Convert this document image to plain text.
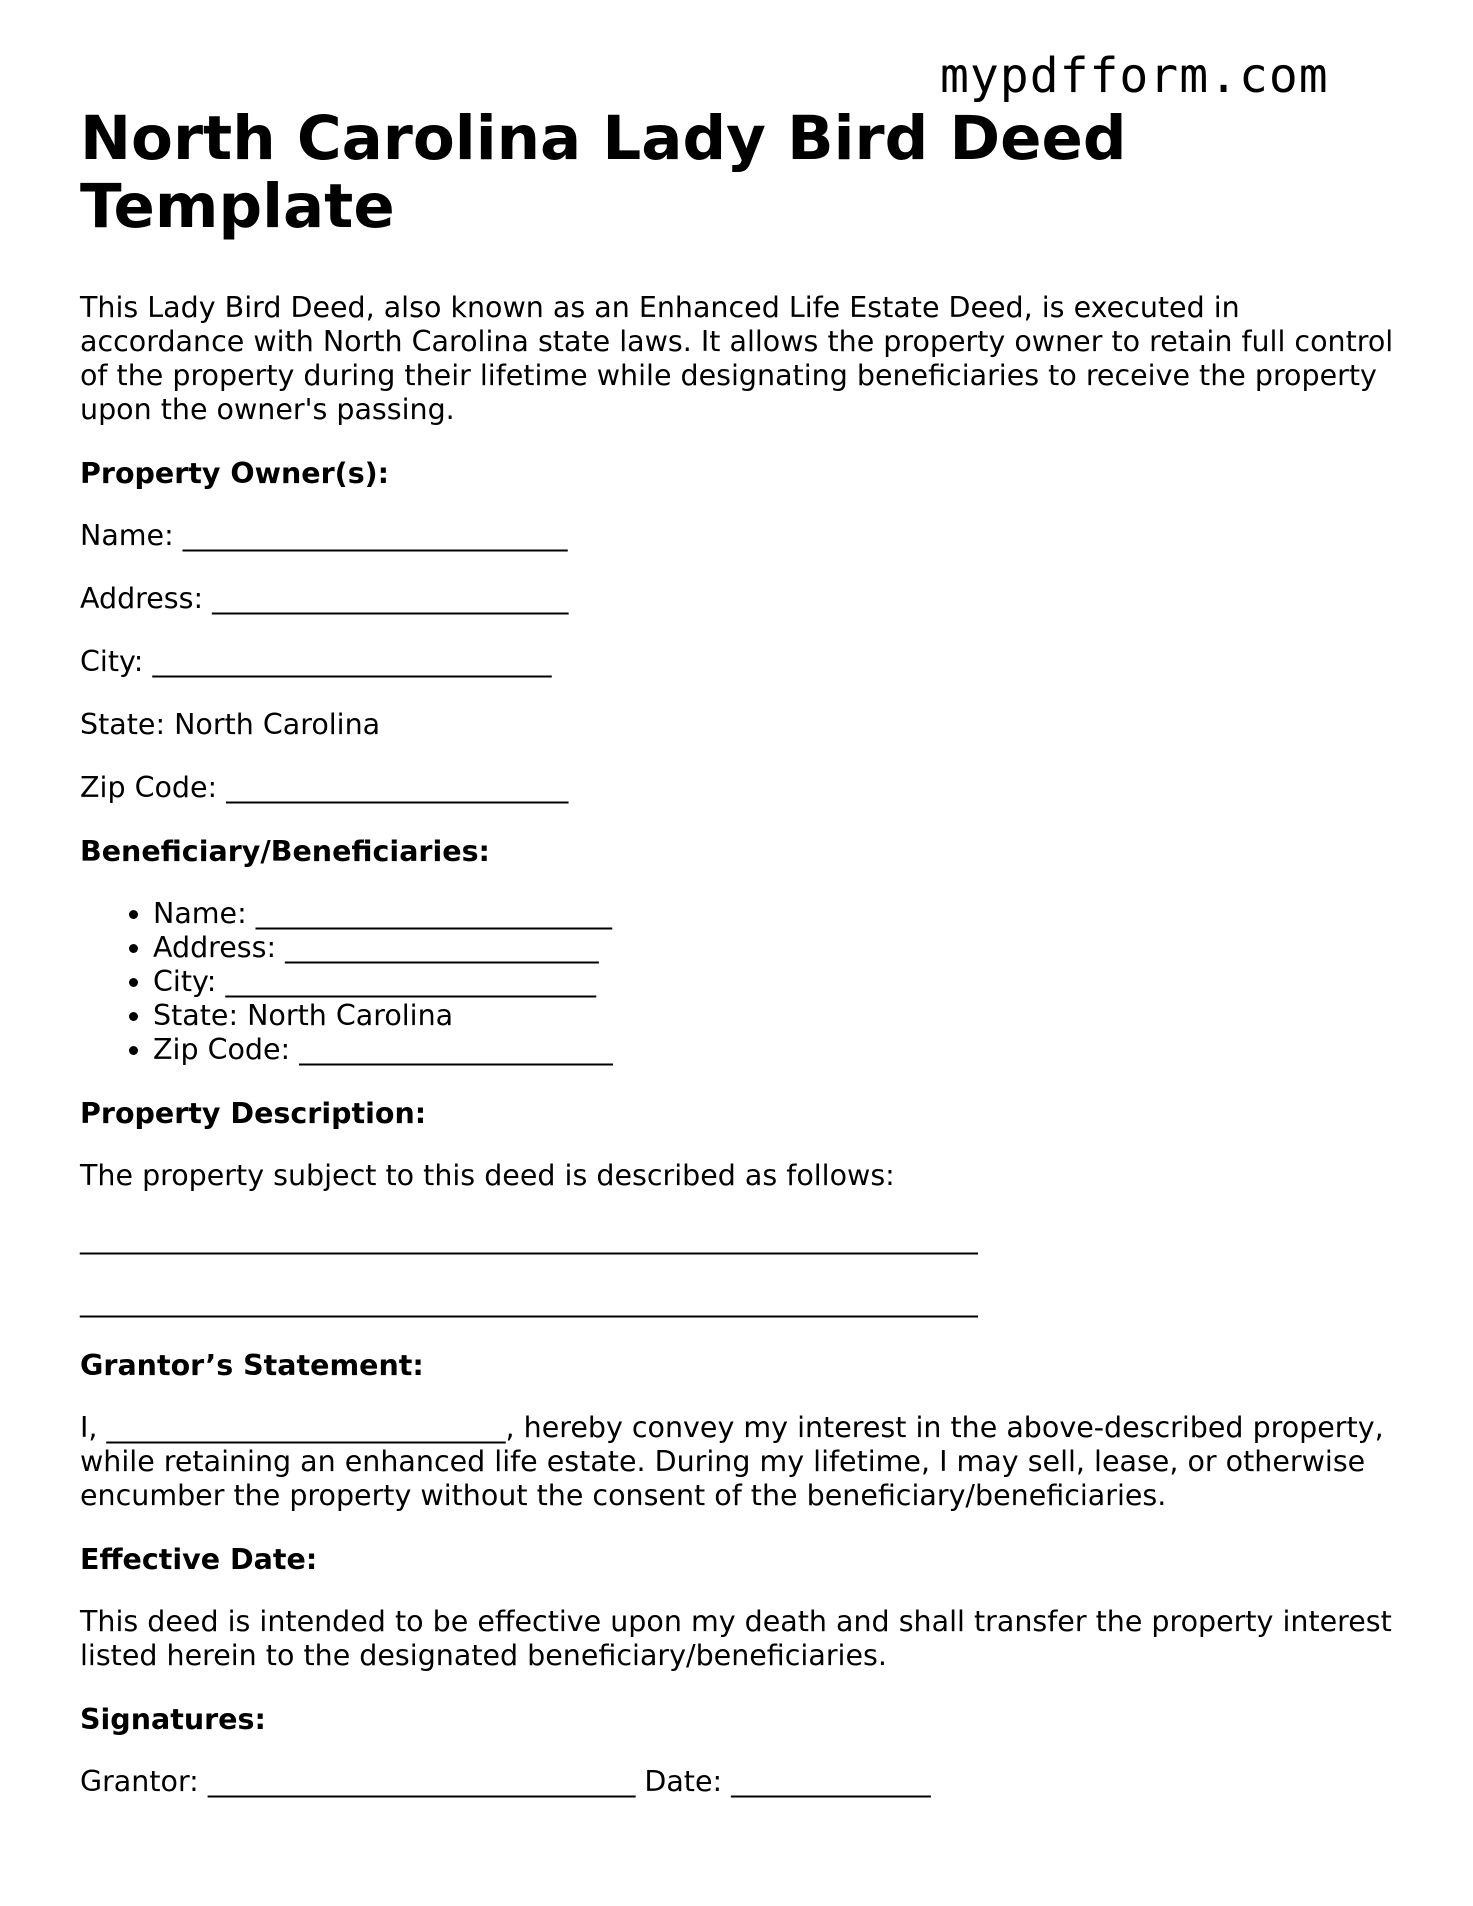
mypdfform.com
North Carolina Lady Bird Deed Template

This Lady Bird Deed, also known as an Enhanced Life Estate Deed, is executed in accordance with North Carolina state laws. It allows the property owner to retain full control of the property during their lifetime while designating beneficiaries to receive the property upon the owner's passing.

Property Owner(s):

Name: ___________________________

Address: _________________________

City: ____________________________

State: North Carolina

Zip Code: ________________________

Beneficiary/Beneficiaries:

• Name: _________________________
• Address: ______________________
• City: __________________________
• State: North Carolina
• Zip Code: ______________________

Property Description:

The property subject to this deed is described as follows:

_______________________________________________________________

_______________________________________________________________

Grantor’s Statement:

I, ____________________________, hereby convey my interest in the above-described property, while retaining an enhanced life estate. During my lifetime, I may sell, lease, or otherwise encumber the property without the consent of the beneficiary/beneficiaries.

Effective Date:

This deed is intended to be effective upon my death and shall transfer the property interest listed herein to the designated beneficiary/beneficiaries.

Signatures:

Grantor: ______________________________ Date: ______________
